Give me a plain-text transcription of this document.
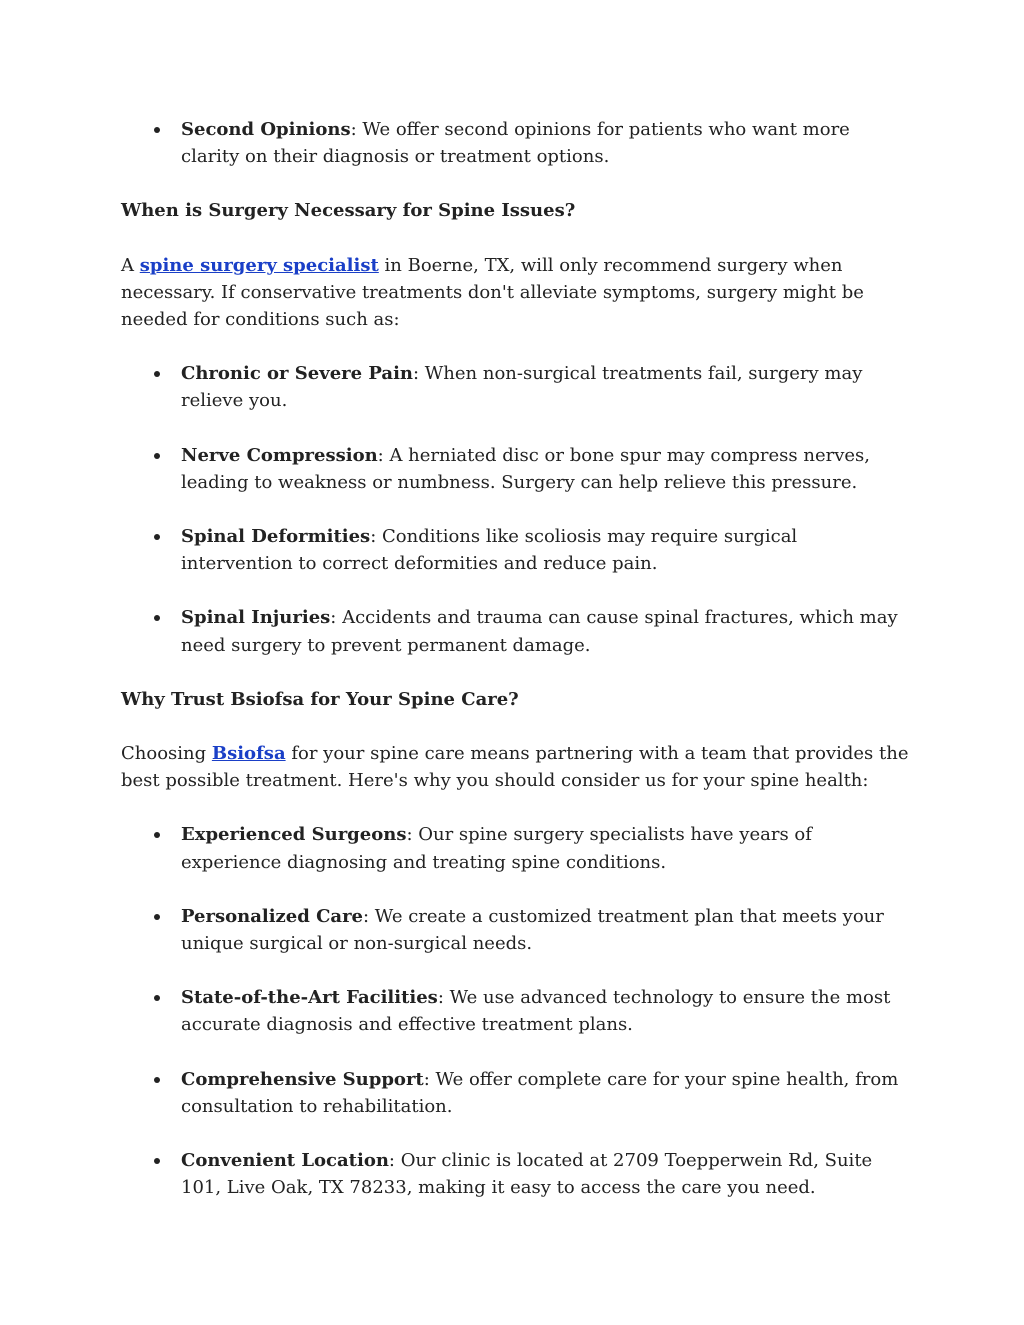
Second Opinions: We offer second opinions for patients who want more clarity on their diagnosis or treatment options.

When is Surgery Necessary for Spine Issues?

A spine surgery specialist in Boerne, TX, will only recommend surgery when necessary. If conservative treatments don't alleviate symptoms, surgery might be needed for conditions such as:

Chronic or Severe Pain: When non-surgical treatments fail, surgery may relieve you.
Nerve Compression: A herniated disc or bone spur may compress nerves, leading to weakness or numbness. Surgery can help relieve this pressure.
Spinal Deformities: Conditions like scoliosis may require surgical intervention to correct deformities and reduce pain.
Spinal Injuries: Accidents and trauma can cause spinal fractures, which may need surgery to prevent permanent damage.

Why Trust Bsiofsa for Your Spine Care?

Choosing Bsiofsa for your spine care means partnering with a team that provides the best possible treatment. Here's why you should consider us for your spine health:

Experienced Surgeons: Our spine surgery specialists have years of experience diagnosing and treating spine conditions.
Personalized Care: We create a customized treatment plan that meets your unique surgical or non-surgical needs.
State-of-the-Art Facilities: We use advanced technology to ensure the most accurate diagnosis and effective treatment plans.
Comprehensive Support: We offer complete care for your spine health, from consultation to rehabilitation.
Convenient Location: Our clinic is located at 2709 Toepperwein Rd, Suite 101, Live Oak, TX 78233, making it easy to access the care you need.
